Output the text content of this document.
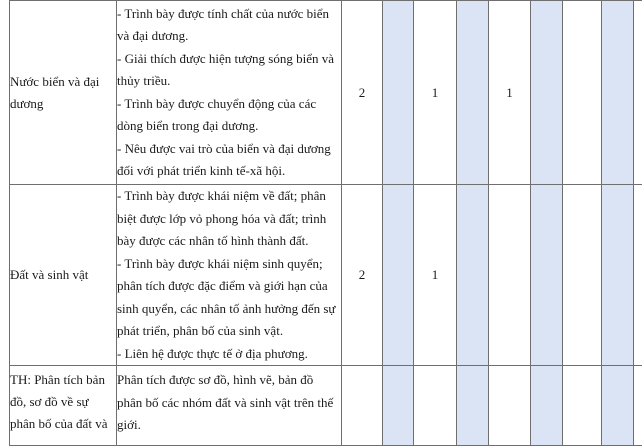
Nước biển và đại dương	- Trình bày được tính chất của nước biển và đại dương.
- Giải thích được hiện tượng sóng biển và thủy triều.
- Trình bày được chuyển động của các dòng biển trong đại dương.
- Nêu được vai trò của biển và đại dương đối với phát triển kinh tế-xã hội.	2		1		1				
Đất và sinh vật	- Trình bày được khái niệm về đất; phân biệt được lớp vỏ phong hóa và đất; trình bày được các nhân tố hình thành đất.
- Trình bày được khái niệm sinh quyển; phân tích được đặc điểm và giới hạn của sinh quyển, các nhân tố ảnh hưởng đến sự phát triển, phân bố của sinh vật.
- Liên hệ được thực tế ở địa phương.	2		1						
TH: Phân tích bản đồ, sơ đồ về sự phân bố của đất và	Phân tích được sơ đồ, hình vẽ, bản đồ phân bố các nhóm đất và sinh vật trên thế giới.									
